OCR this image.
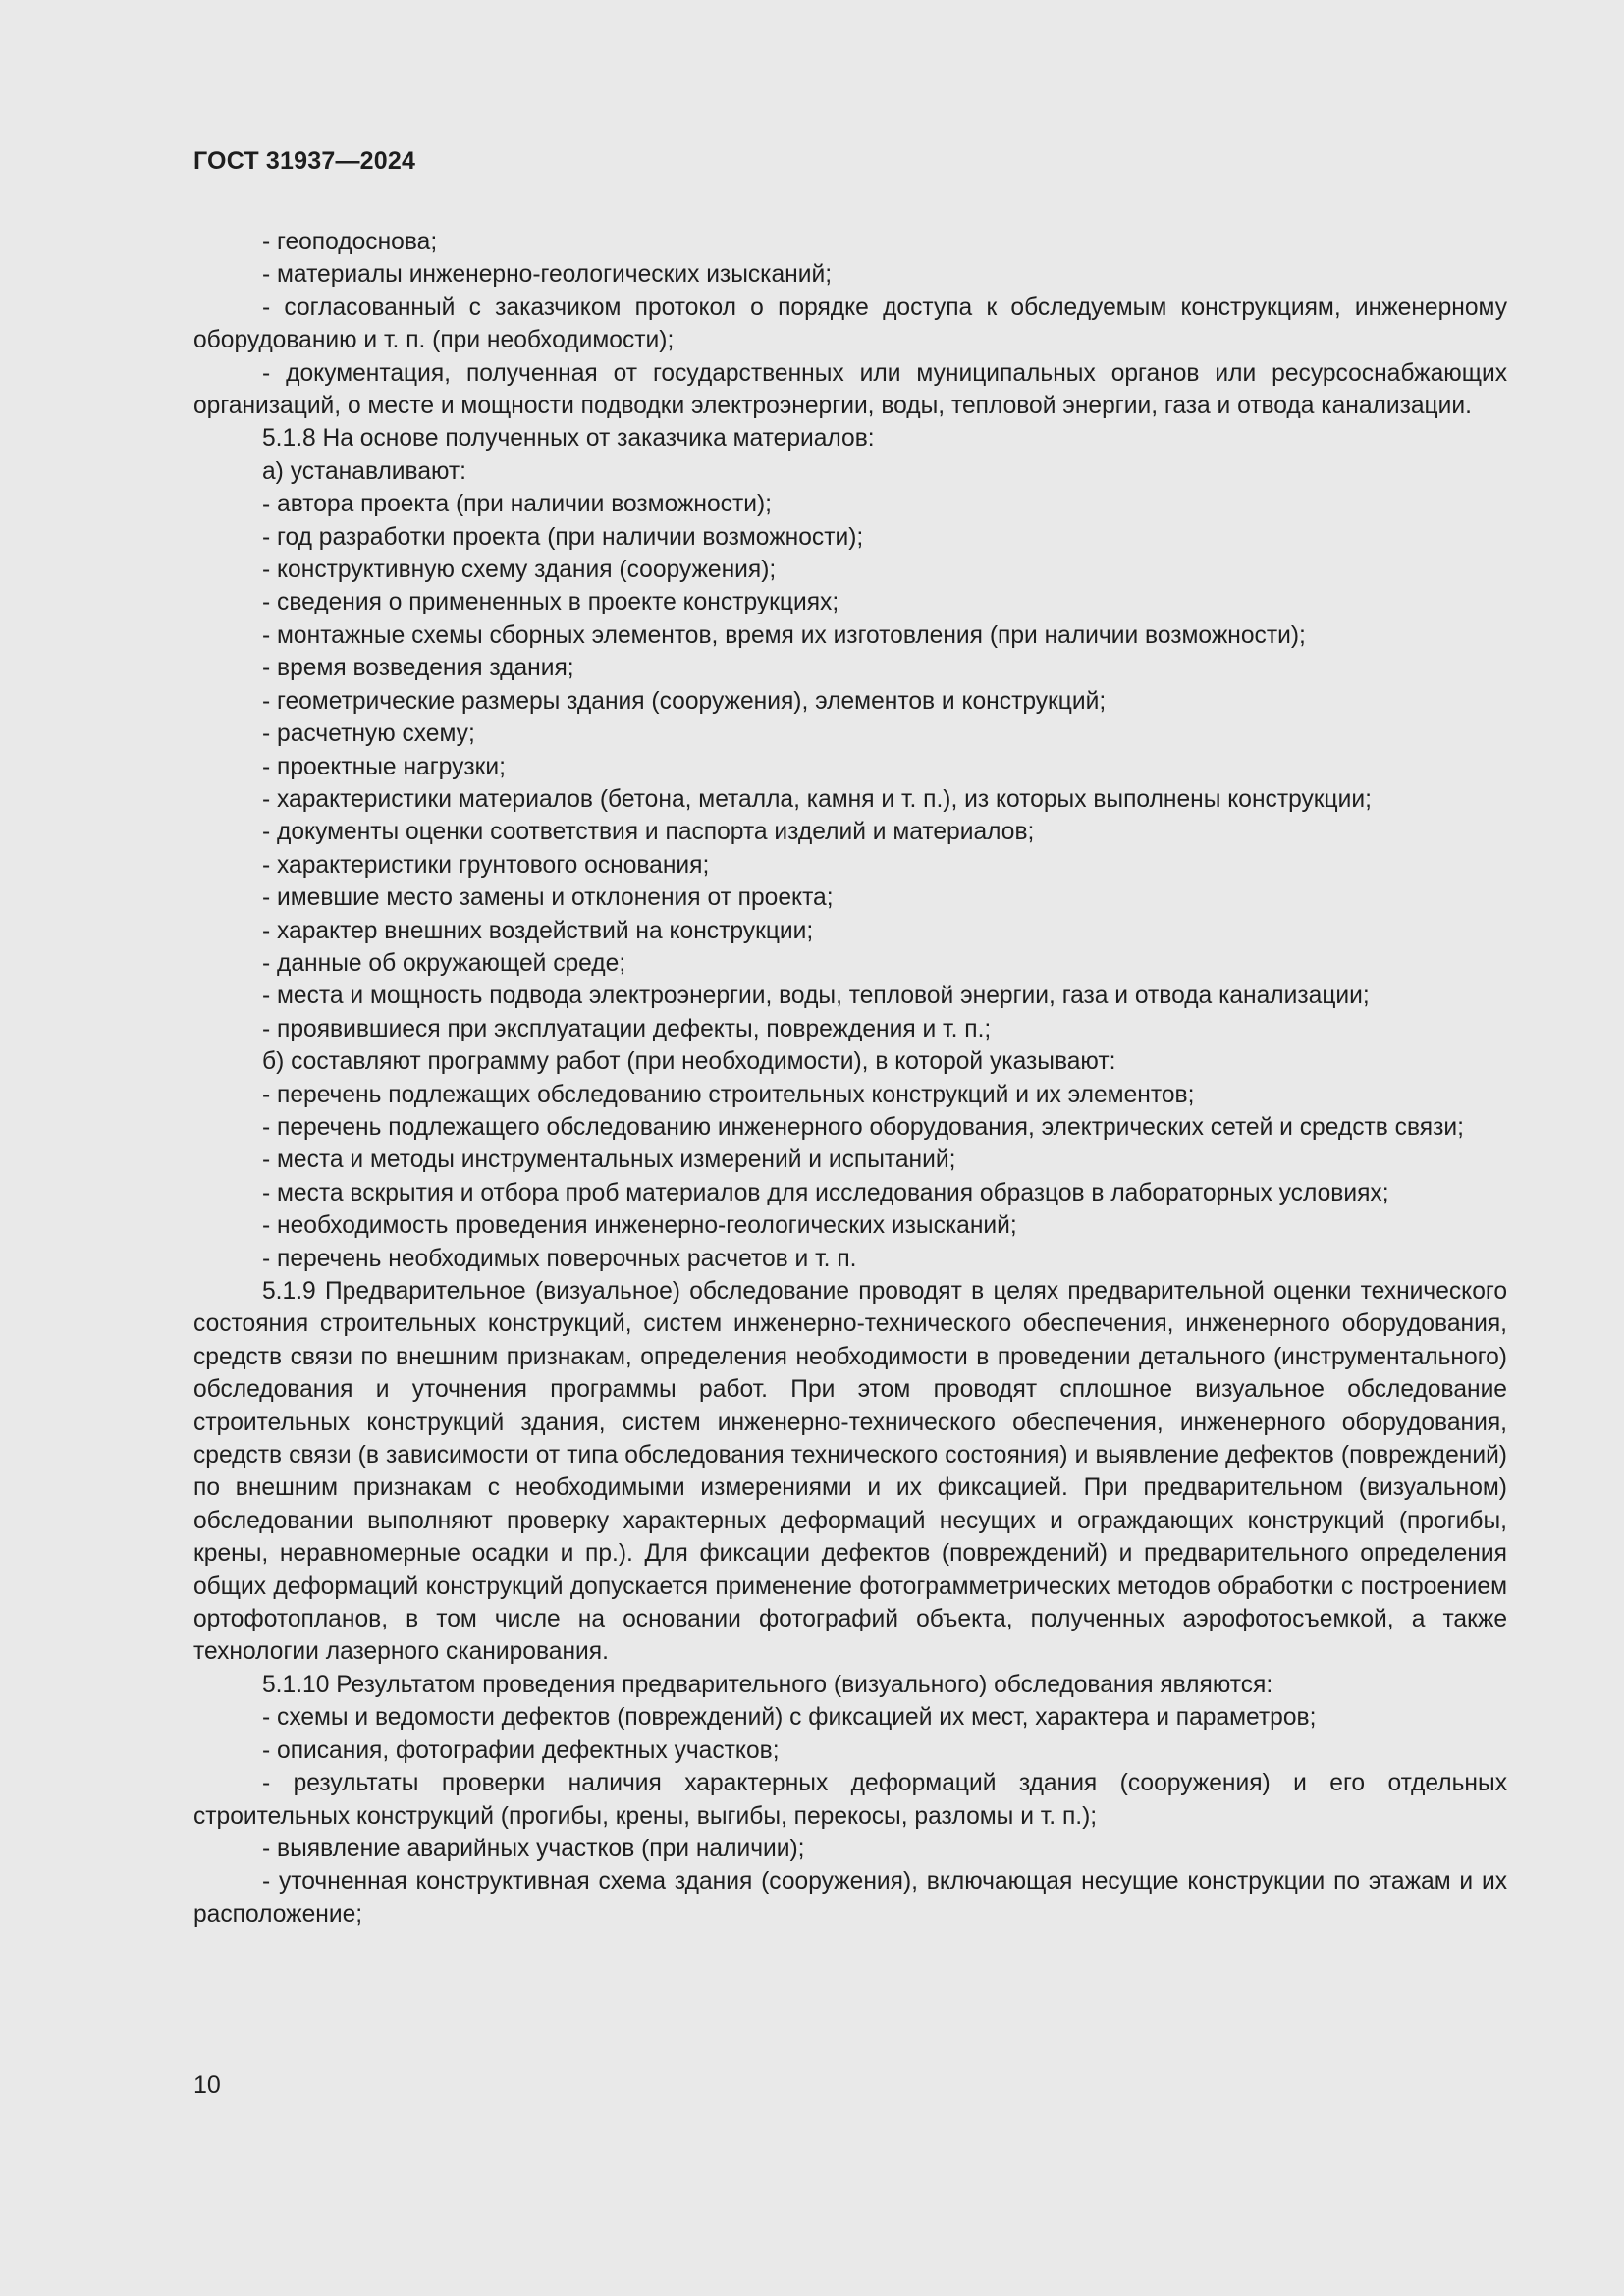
ГОСТ 31937—2024

- геоподоснова;

- материалы инженерно-геологических изысканий;

- согласованный с заказчиком протокол о порядке доступа к обследуемым конструкциям, инженерному оборудованию и т. п. (при необходимости);

- документация, полученная от государственных или муниципальных органов или ресурсоснабжающих организаций, о месте и мощности подводки электроэнергии, воды, тепловой энергии, газа и отвода канализации.

5.1.8 На основе полученных от заказчика материалов:

а) устанавливают:

- автора проекта (при наличии возможности);

- год разработки проекта (при наличии возможности);

- конструктивную схему здания (сооружения);

- сведения о примененных в проекте конструкциях;

- монтажные схемы сборных элементов, время их изготовления (при наличии возможности);

- время возведения здания;

- геометрические размеры здания (сооружения), элементов и конструкций;

- расчетную схему;

- проектные нагрузки;

- характеристики материалов (бетона, металла, камня и т. п.), из которых выполнены конструкции;

- документы оценки соответствия и паспорта изделий и материалов;

- характеристики грунтового основания;

- имевшие место замены и отклонения от проекта;

- характер внешних воздействий на конструкции;

- данные об окружающей среде;

- места и мощность подвода электроэнергии, воды, тепловой энергии, газа и отвода канализации;

- проявившиеся при эксплуатации дефекты, повреждения и т. п.;

б) составляют программу работ (при необходимости), в которой указывают:

- перечень подлежащих обследованию строительных конструкций и их элементов;

- перечень подлежащего обследованию инженерного оборудования, электрических сетей и средств связи;

- места и методы инструментальных измерений и испытаний;

- места вскрытия и отбора проб материалов для исследования образцов в лабораторных условиях;

- необходимость проведения инженерно-геологических изысканий;

- перечень необходимых поверочных расчетов и т. п.

5.1.9 Предварительное (визуальное) обследование проводят в целях предварительной оценки технического состояния строительных конструкций, систем инженерно-технического обеспечения, инженерного оборудования, средств связи по внешним признакам, определения необходимости в проведении детального (инструментального) обследования и уточнения программы работ. При этом проводят сплошное визуальное обследование строительных конструкций здания, систем инженерно-технического обеспечения, инженерного оборудования, средств связи (в зависимости от типа обследования технического состояния) и выявление дефектов (повреждений) по внешним признакам с необходимыми измерениями и их фиксацией. При предварительном (визуальном) обследовании выполняют проверку характерных деформаций несущих и ограждающих конструкций (прогибы, крены, неравномерные осадки и пр.). Для фиксации дефектов (повреждений) и предварительного определения общих деформаций конструкций допускается применение фотограмметрических методов обработки с построением ортофотопланов, в том числе на основании фотографий объекта, полученных аэрофотосъемкой, а также технологии лазерного сканирования.

5.1.10 Результатом проведения предварительного (визуального) обследования являются:

- схемы и ведомости дефектов (повреждений) с фиксацией их мест, характера и параметров;

- описания, фотографии дефектных участков;

- результаты проверки наличия характерных деформаций здания (сооружения) и его отдельных строительных конструкций (прогибы, крены, выгибы, перекосы, разломы и т. п.);

- выявление аварийных участков (при наличии);

- уточненная конструктивная схема здания (сооружения), включающая несущие конструкции по этажам и их расположение;

10
